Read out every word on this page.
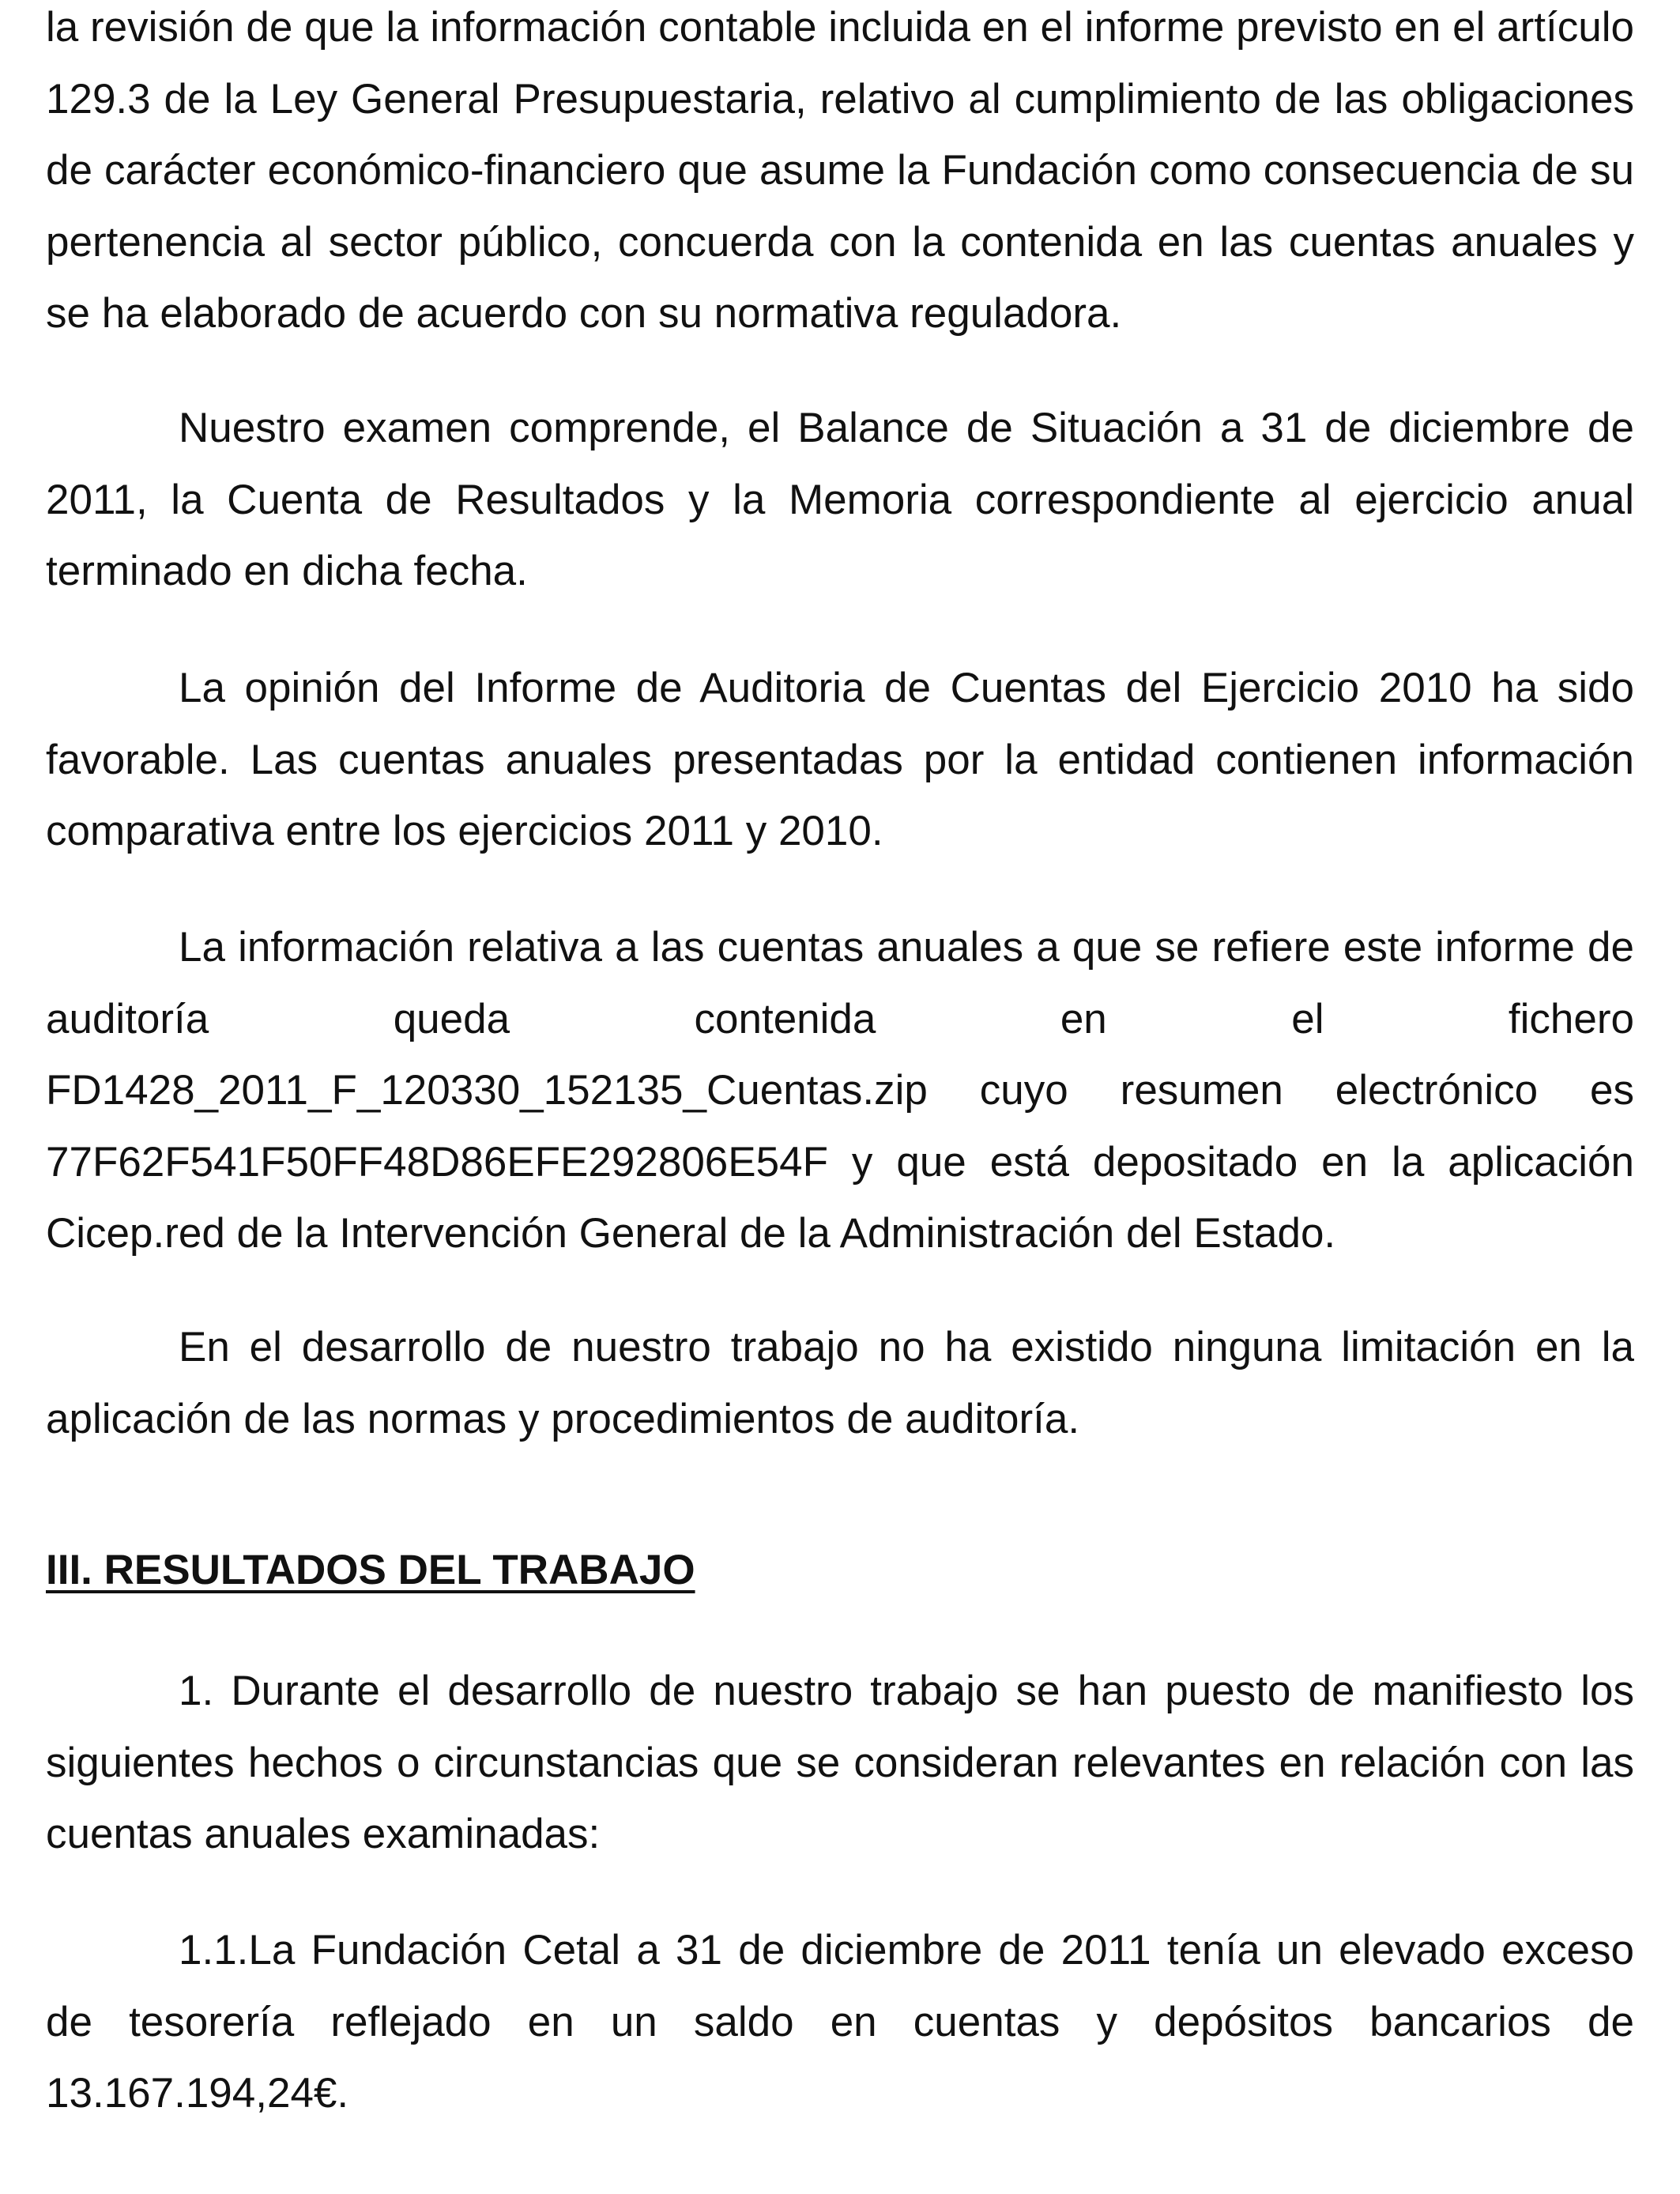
la revisión de que la información contable incluida en el informe previsto en el artículo 129.3 de la Ley General Presupuestaria, relativo al cumplimiento de las obligaciones de carácter económico-financiero que asume la Fundación como consecuencia de su pertenencia al sector público, concuerda con la contenida en las cuentas anuales y se ha elaborado de acuerdo con su normativa reguladora.

Nuestro examen comprende, el Balance de Situación a 31 de diciembre de 2011, la Cuenta de Resultados y la Memoria correspondiente al ejercicio anual terminado en dicha fecha.

La opinión del Informe de Auditoria de Cuentas del Ejercicio 2010 ha sido favorable. Las cuentas anuales presentadas por la entidad contienen información comparativa entre los ejercicios 2011 y 2010.

La información relativa a las cuentas anuales a que se refiere este informe de
auditoría queda contenida en el fichero
FD1428_2011_F_120330_152135_Cuentas.zip cuyo resumen electrónico es
77F62F541F50FF48D86EFE292806E54F y que está depositado en la aplicación
Cicep.red de la Intervención General de la Administración del Estado.

En el desarrollo de nuestro trabajo no ha existido ninguna limitación en la aplicación de las normas y procedimientos de auditoría.

III. RESULTADOS DEL TRABAJO

1. Durante el desarrollo de nuestro trabajo se han puesto de manifiesto los siguientes hechos o circunstancias que se consideran relevantes en relación con las cuentas anuales examinadas:

1.1.La Fundación Cetal a 31 de diciembre de 2011 tenía un elevado exceso de tesorería reflejado en un saldo en cuentas y depósitos bancarios de 13.167.194,24€.
